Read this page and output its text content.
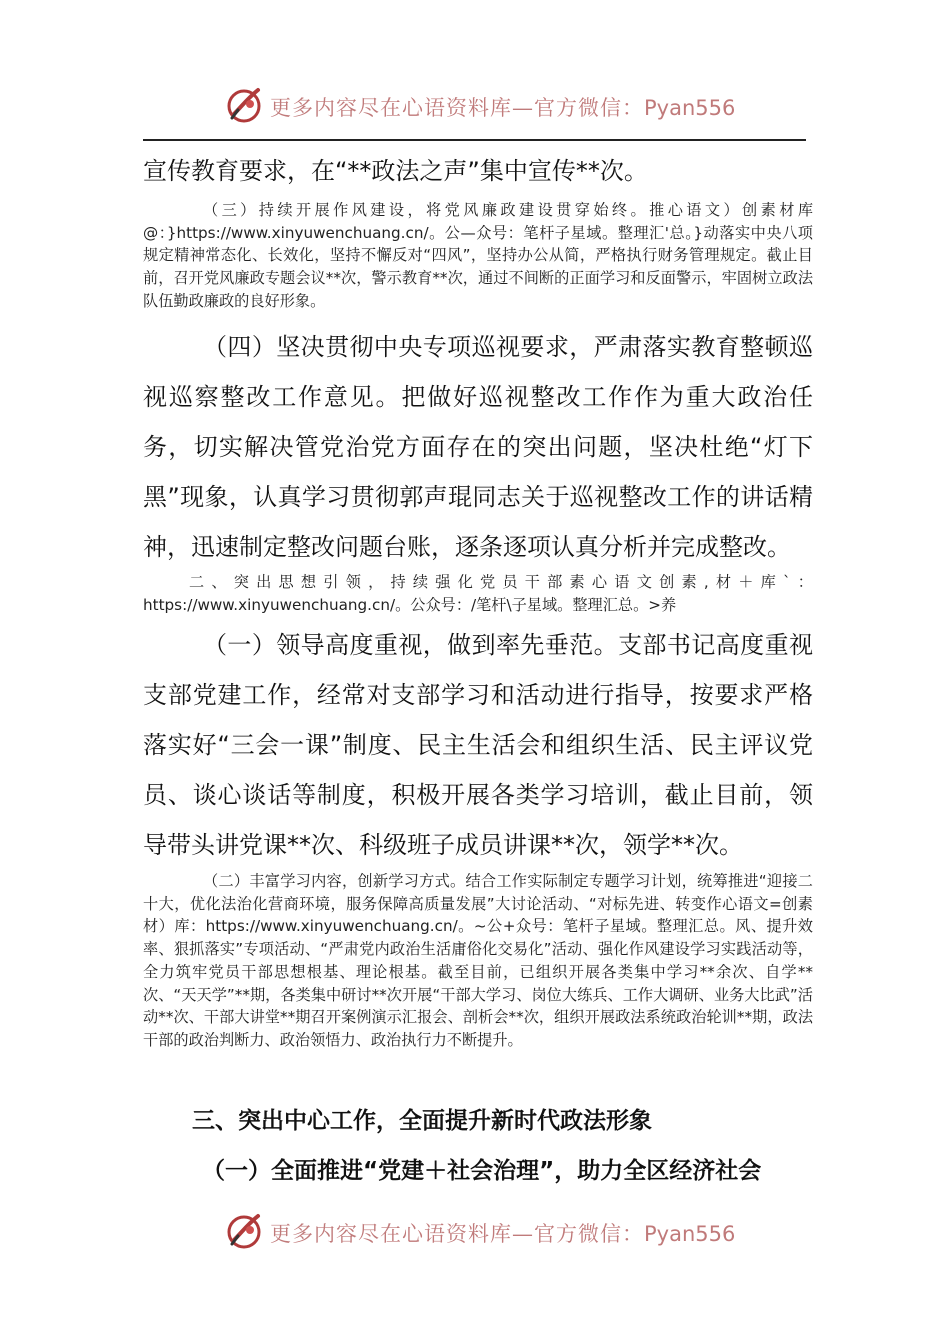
更多内容尽在心语资料库—官方微信：Pyan556
宣传教育要求，在“**政法之声”集中宣传**次。
（三）持续开展作风建设，将党风廉政建设贯穿始终。推心语文）创素材库@：}https://www.xinyuwenchuang.cn/。公—众号：笔杆子星域。整理汇'总。}动落实中央八项规定精神常态化、长效化，坚持不懈反对“四风”，坚持办公从简，严格执行财务管理规定。截止目前，召开党风廉政专题会议**次，警示教育**次，通过不间断的正面学习和反面警示，牢固树立政法队伍勤政廉政的良好形象。
（四）坚决贯彻中央专项巡视要求，严肃落实教育整顿巡视巡察整改工作意见。把做好巡视整改工作作为重大政治任务，切实解决管党治党方面存在的突出问题，坚决杜绝“灯下黑”现象，认真学习贯彻郭声琨同志关于巡视整改工作的讲话精神，迅速制定整改问题台账，逐条逐项认真分析并完成整改。
二、突出思想引领，持续强化党员干部素心语文创素,材＋库`：https://www.xinyuwenchuang.cn/。公众号：/笔杆\子星域。整理汇总。>养
（一）领导高度重视，做到率先垂范。支部书记高度重视支部党建工作，经常对支部学习和活动进行指导，按要求严格落实好“三会一课”制度、民主生活会和组织生活、民主评议党员、谈心谈话等制度，积极开展各类学习培训，截止目前，领导带头讲党课**次、科级班子成员讲课**次，领学**次。
（二）丰富学习内容，创新学习方式。结合工作实际制定专题学习计划，统筹推进“迎接二十大，优化法治化营商环境，服务保障高质量发展”大讨论活动、“对标先进、转变作心语文=创素材）库：https://www.xinyuwenchuang.cn/。~公+众号：笔杆子星域。整理汇总。风、提升效率、狠抓落实”专项活动、“严肃党内政治生活庸俗化交易化”活动、强化作风建设学习实践活动等，全力筑牢党员干部思想根基、理论根基。截至目前，已组织开展各类集中学习**余次、自学**次、“天天学”**期，各类集中研讨**次开展“干部大学习、岗位大练兵、工作大调研、业务大比武”活动**次、干部大讲堂**期召开案例演示汇报会、剖析会**次，组织开展政法系统政治轮训**期，政法干部的政治判断力、政治领悟力、政治执行力不断提升。
三、突出中心工作，全面提升新时代政法形象
（一）全面推进“党建＋社会治理”，助力全区经济社会
更多内容尽在心语资料库—官方微信：Pyan556
